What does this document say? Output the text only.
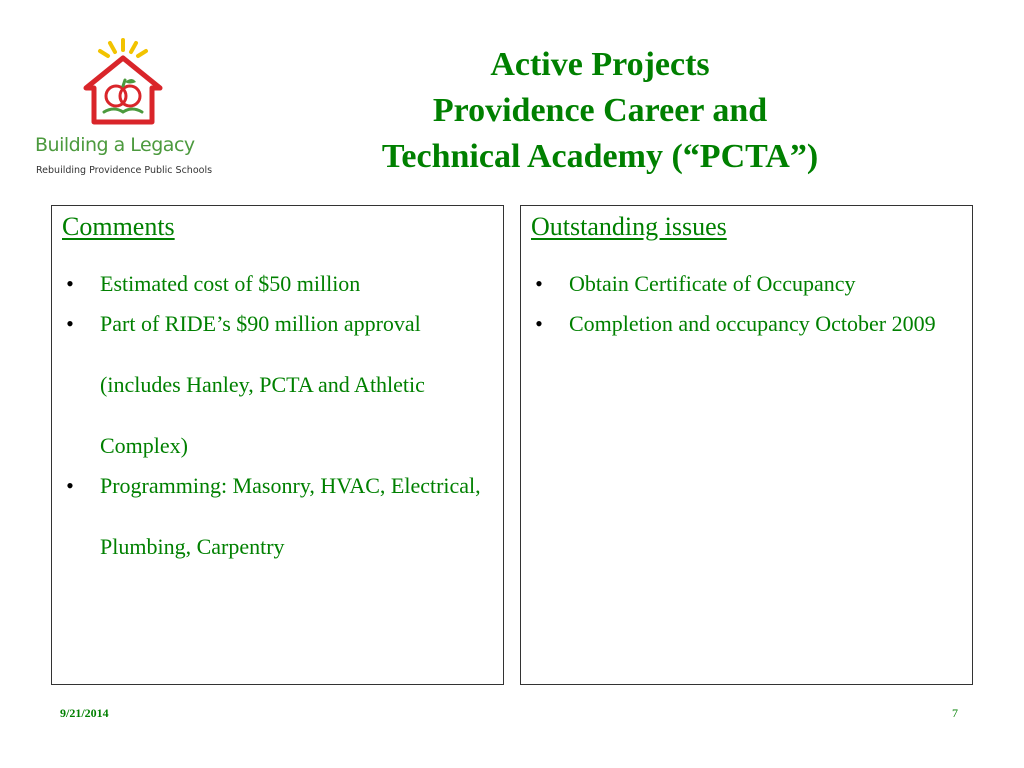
Building a Legacy
Rebuilding Providence Public Schools
Active Projects
Providence Career and
Technical Academy (“PCTA”)
Comments
• Estimated cost of $50 million
• Part of RIDE’s $90 million approval (includes Hanley, PCTA and Athletic Complex)
• Programming: Masonry, HVAC, Electrical, Plumbing, Carpentry
Outstanding issues
• Obtain Certificate of Occupancy
• Completion and occupancy October 2009
9/21/2014	7
